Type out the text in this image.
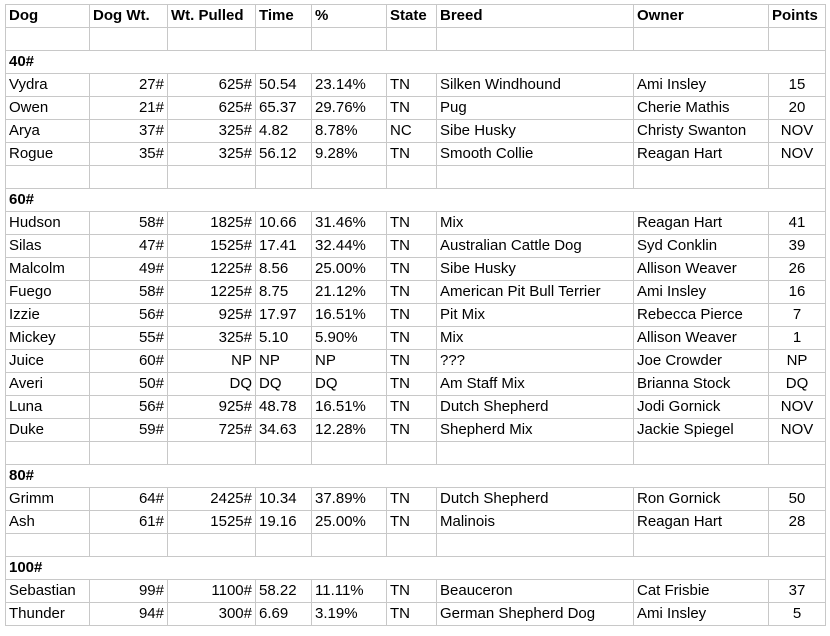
Dog	Dog Wt.	Wt. Pulled	Time	%	State	Breed	Owner	Points

40#								
Vydra	27#	625#	50.54	23.14%	TN	Silken Windhound	Ami Insley	15
Owen	21#	625#	65.37	29.76%	TN	Pug	Cherie Mathis	20
Arya	37#	325#	4.82	8.78%	NC	Sibe Husky	Christy Swanton	NOV
Rogue	35#	325#	56.12	9.28%	TN	Smooth Collie	Reagan Hart	NOV

60#								
Hudson	58#	1825#	10.66	31.46%	TN	Mix	Reagan Hart	41
Silas	47#	1525#	17.41	32.44%	TN	Australian Cattle Dog	Syd Conklin	39
Malcolm	49#	1225#	8.56	25.00%	TN	Sibe Husky	Allison Weaver	26
Fuego	58#	1225#	8.75	21.12%	TN	American Pit Bull Terrier	Ami Insley	16
Izzie	56#	925#	17.97	16.51%	TN	Pit Mix	Rebecca Pierce	7
Mickey	55#	325#	5.10	5.90%	TN	Mix	Allison Weaver	1
Juice	60#	NP	NP	NP	TN	???	Joe Crowder	NP
Averi	50#	DQ	DQ	DQ	TN	Am Staff Mix	Brianna Stock	DQ
Luna	56#	925#	48.78	16.51%	TN	Dutch Shepherd	Jodi Gornick	NOV
Duke	59#	725#	34.63	12.28%	TN	Shepherd Mix	Jackie Spiegel	NOV

80#								
Grimm	64#	2425#	10.34	37.89%	TN	Dutch Shepherd	Ron Gornick	50
Ash	61#	1525#	19.16	25.00%	TN	Malinois	Reagan Hart	28

100#								
Sebastian	99#	1100#	58.22	11.11%	TN	Beauceron	Cat Frisbie	37
Thunder	94#	300#	6.69	3.19%	TN	German Shepherd Dog	Ami Insley	5
